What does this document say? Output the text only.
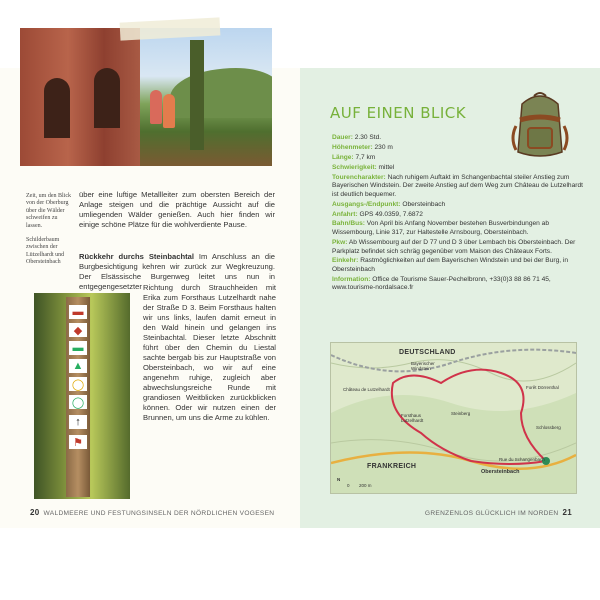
Zeit, um den Blick von der Oberburg über die Wälder schweifen zu lassen.
Schilderbaum zwischen der Lützelhardt und Obersteinbach
über eine luftige Metallleiter zum obersten Bereich der Anlage steigen und die prächtige Aussicht auf die umliegenden Wälder genießen. Auch hier finden wir einige schöne Plätze für die wohlverdiente Pause.
Rückkehr durchs Steinbachtal Im Anschluss an die Burgbesichtigung kehren wir zurück zur Wegkreuzung. Der Elsässische Burgenweg leitet uns nun in entgegengesetzter Richtung durch Strauchheiden mit Erika zum Forsthaus Lutzelhardt nahe der Straße D 3. Beim Forsthaus halten wir uns links, laufen damit erneut in den Wald hinein und gelangen ins Steinbachtal. Dieser letzte Abschnitt führt über den Chemin du Liestal sachte bergab bis zur Hauptstraße von Obersteinbach, wo wir auf eine angenehm ruhige, zugleich aber abwechslungsreiche Runde mit grandiosen Weitblicken zurückblicken können. Oder wir nutzen einen der Brunnen, um uns die Arme zu kühlen.
▬
◆
▬
▲
◯
◯
↑
⚑
20 WALDMEERE UND FESTUNGSINSELN DER NÖRDLICHEN VOGESEN
AUF EINEN BLICK
Dauer: 2.30 Std.
Höhenmeter: 230 m
Länge: 7,7 km
Schwierigkeit: mittel
Tourencharakter: Nach ruhigem Auftakt im Schangenbachtal steiler Anstieg zum Bayerischen Windstein. Der zweite Anstieg auf dem Weg zum Château de Lutzelhardt ist deutlich bequemer.
Ausgangs-/Endpunkt: Obersteinbach
Anfahrt: GPS 49.0359, 7.6872
Bahn/Bus: Von April bis Anfang November bestehen Busverbindungen ab Wissembourg, Linie 317, zur Haltestelle Arnsbourg, Obersteinbach.
Pkw: Ab Wissembourg auf der D 77 und D 3 über Lembach bis Obersteinbach. Der Parkplatz befindet sich schräg gegenüber vom Maison des Châteaux Forts.
Einkehr: Rastmöglichkeiten auf dem Bayerischen Windstein und bei der Burg, in Obersteinbach
Information: Office de Tourisme Sauer-Pechelbronn, +33(0)3 88 86 71 45, www.tourisme-nordalsace.fr
DEUTSCHLAND
FRANKREICH
Obersteinbach
Bayerischer Windstein
Château de Lutzelhardt
Forsthaus Lutzelhardt
Steinberg
Forêt Dörrenthal
Schlossberg
Rue du Schangenbach
N
0 200 m
GRENZENLOS GLÜCKLICH IM NORDEN 21
